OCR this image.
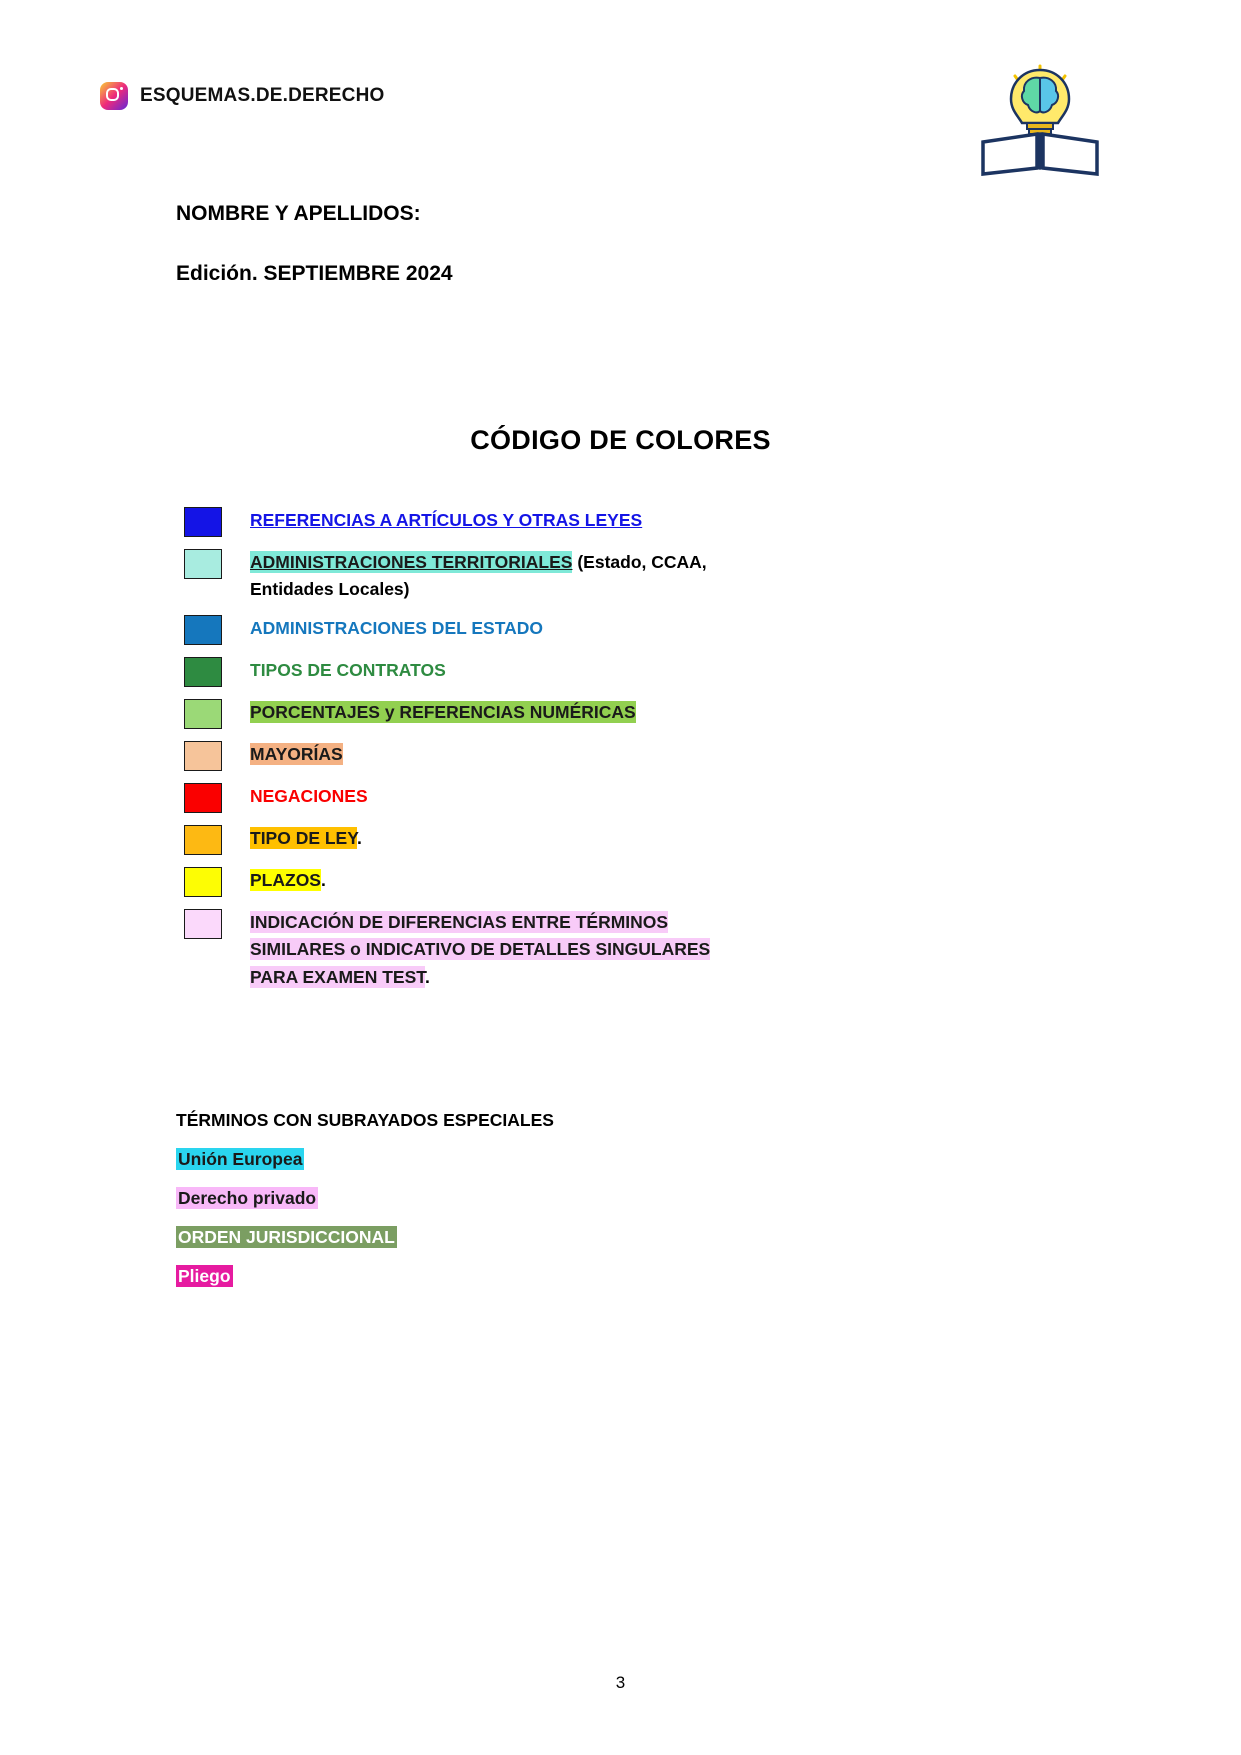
ESQUEMAS.DE.DERECHO
NOMBRE Y APELLIDOS:
Edición. SEPTIEMBRE 2024
CÓDIGO DE COLORES
REFERENCIAS A ARTÍCULOS Y OTRAS LEYES
ADMINISTRACIONES TERRITORIALES (Estado, CCAA, Entidades Locales)
ADMINISTRACIONES DEL ESTADO
TIPOS DE CONTRATOS
PORCENTAJES y REFERENCIAS NUMÉRICAS
MAYORÍAS
NEGACIONES
TIPO DE LEY.
PLAZOS.
INDICACIÓN DE DIFERENCIAS ENTRE TÉRMINOS SIMILARES o INDICATIVO DE DETALLES SINGULARES PARA EXAMEN TEST.
TÉRMINOS CON SUBRAYADOS ESPECIALES
Unión Europea
Derecho privado
ORDEN JURISDICCIONAL
Pliego
3
